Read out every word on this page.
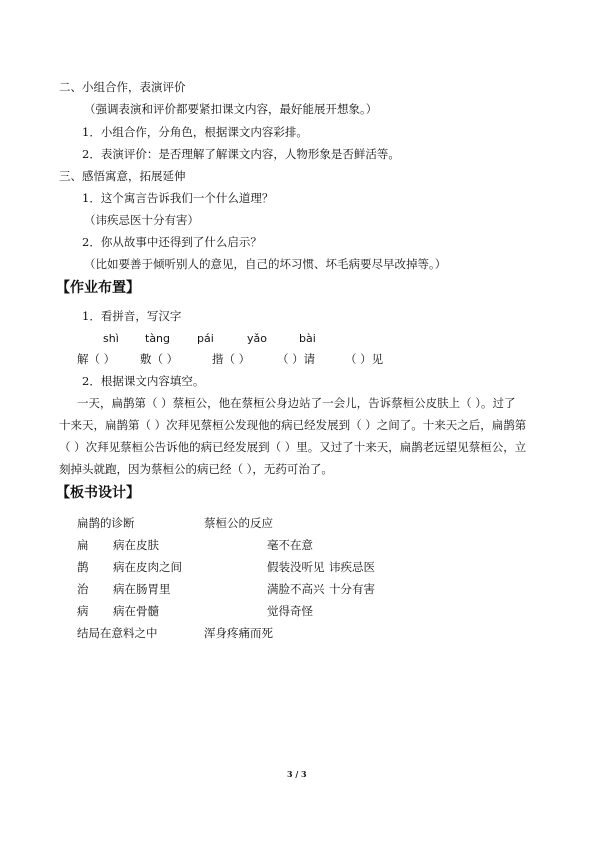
二、小组合作，表演评价
（强调表演和评价都要紧扣课文内容，最好能展开想象。）
1．小组合作，分角色，根据课文内容彩排。
2．表演评价：是否理解了解课文内容，人物形象是否鲜活等。
三、感悟寓意，拓展延伸
1．这个寓言告诉我们一个什么道理？
（讳疾忌医十分有害）
2．你从故事中还得到了什么启示？
（比如要善于倾听别人的意见，自己的坏习惯、坏毛病要尽早改掉等。）
【作业布置】
1．看拼音，写汉字
shì tàng pái	yǎo	bài
解（ ） 敷（ ）	揩（ ） （ ）请	（ ）见
2．根据课文内容填空。
一天，扁鹊第（ ）蔡桓公，他在蔡桓公身边站了一会儿，告诉蔡桓公皮肤上（ ）。过了
十来天，扁鹊第（ ）次拜见蔡桓公发现他的病已经发展到（ ）之间了。十来天之后，扁鹊第
（ ）次拜见蔡桓公告诉他的病已经发展到（ ）里。又过了十来天，扁鹊老远望见蔡桓公，立
刻掉头就跑，因为蔡桓公的病已经（ ），无药可治了。
【板书设计】
扁鹊的诊断	蔡桓公的反应
扁 病在皮肤	毫不在意
鹊 病在皮肉之间	假装没听见 讳疾忌医
治 病在肠胃里	满脸不高兴 十分有害
病 病在骨髓	觉得奇怪
结局在意料之中	浑身疼痛而死
3 / 3
